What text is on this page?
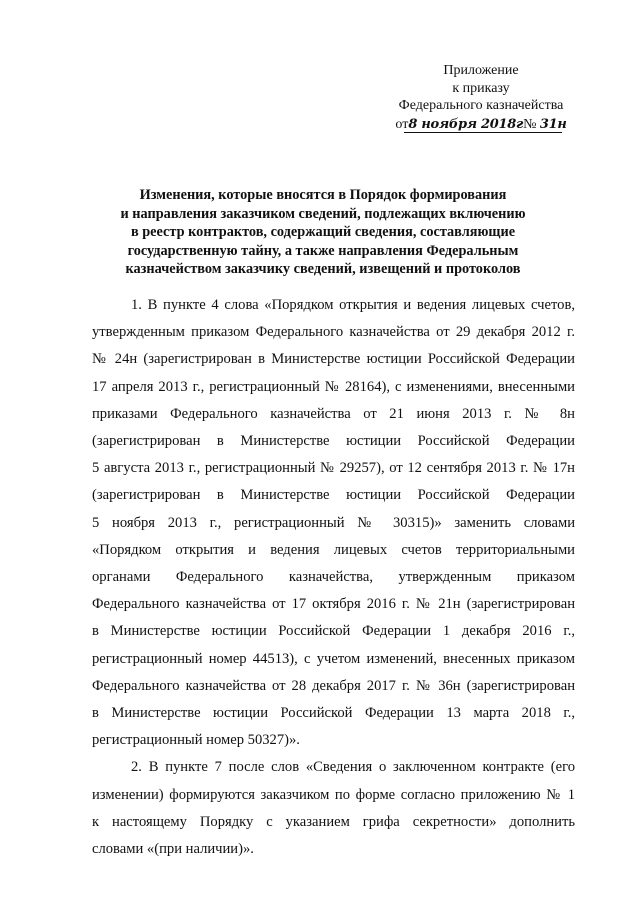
Приложение
к приказу
Федерального казначейства
от8 ноября 2018г№ 31н
Изменения, которые вносятся в Порядок формирования
и направления заказчиком сведений, подлежащих включению
в реестр контрактов, содержащий сведения, составляющие
государственную тайну, а также направления Федеральным
казначейством заказчику сведений, извещений и протоколов
1. В пункте 4 слова «Порядком открытия и ведения лицевых счетов,
утвержденным приказом Федерального казначейства от 29 декабря 2012 г.
№ 24н (зарегистрирован в Министерстве юстиции Российской Федерации
17 апреля 2013 г., регистрационный № 28164), с изменениями, внесенными
приказами Федерального казначейства от 21 июня 2013 г. № 8н
(зарегистрирован в Министерстве юстиции Российской Федерации
5 августа 2013 г., регистрационный № 29257), от 12 сентября 2013 г. № 17н
(зарегистрирован в Министерстве юстиции Российской Федерации
5 ноября 2013 г., регистрационный № 30315)» заменить словами
«Порядком открытия и ведения лицевых счетов территориальными
органами Федерального казначейства, утвержденным приказом
Федерального казначейства от 17 октября 2016 г. № 21н (зарегистрирован
в Министерстве юстиции Российской Федерации 1 декабря 2016 г.,
регистрационный номер 44513), с учетом изменений, внесенных приказом
Федерального казначейства от 28 декабря 2017 г. № 36н (зарегистрирован
в Министерстве юстиции Российской Федерации 13 марта 2018 г.,
регистрационный номер 50327)».
2. В пункте 7 после слов «Сведения о заключенном контракте (его
изменении) формируются заказчиком по форме согласно приложению № 1
к настоящему Порядку с указанием грифа секретности» дополнить
словами «(при наличии)».
